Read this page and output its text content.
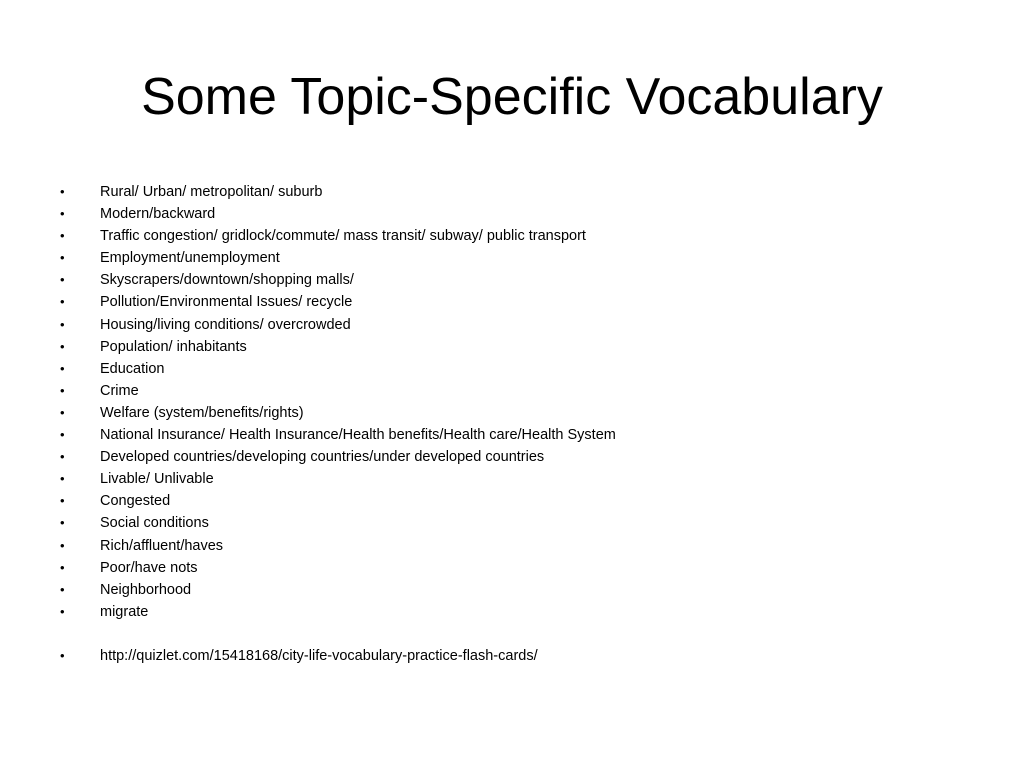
Some Topic-Specific Vocabulary
• Rural/ Urban/ metropolitan/ suburb
• Modern/backward
• Traffic congestion/ gridlock/commute/ mass transit/ subway/ public transport
• Employment/unemployment
• Skyscrapers/downtown/shopping malls/
• Pollution/Environmental Issues/ recycle
• Housing/living conditions/ overcrowded
• Population/ inhabitants
• Education
• Crime
• Welfare (system/benefits/rights)
• National Insurance/ Health Insurance/Health benefits/Health care/Health System
• Developed countries/developing countries/under developed countries
• Livable/ Unlivable
• Congested
• Social conditions
• Rich/affluent/haves
• Poor/have nots
• Neighborhood
• migrate
• http://quizlet.com/15418168/city-life-vocabulary-practice-flash-cards/
